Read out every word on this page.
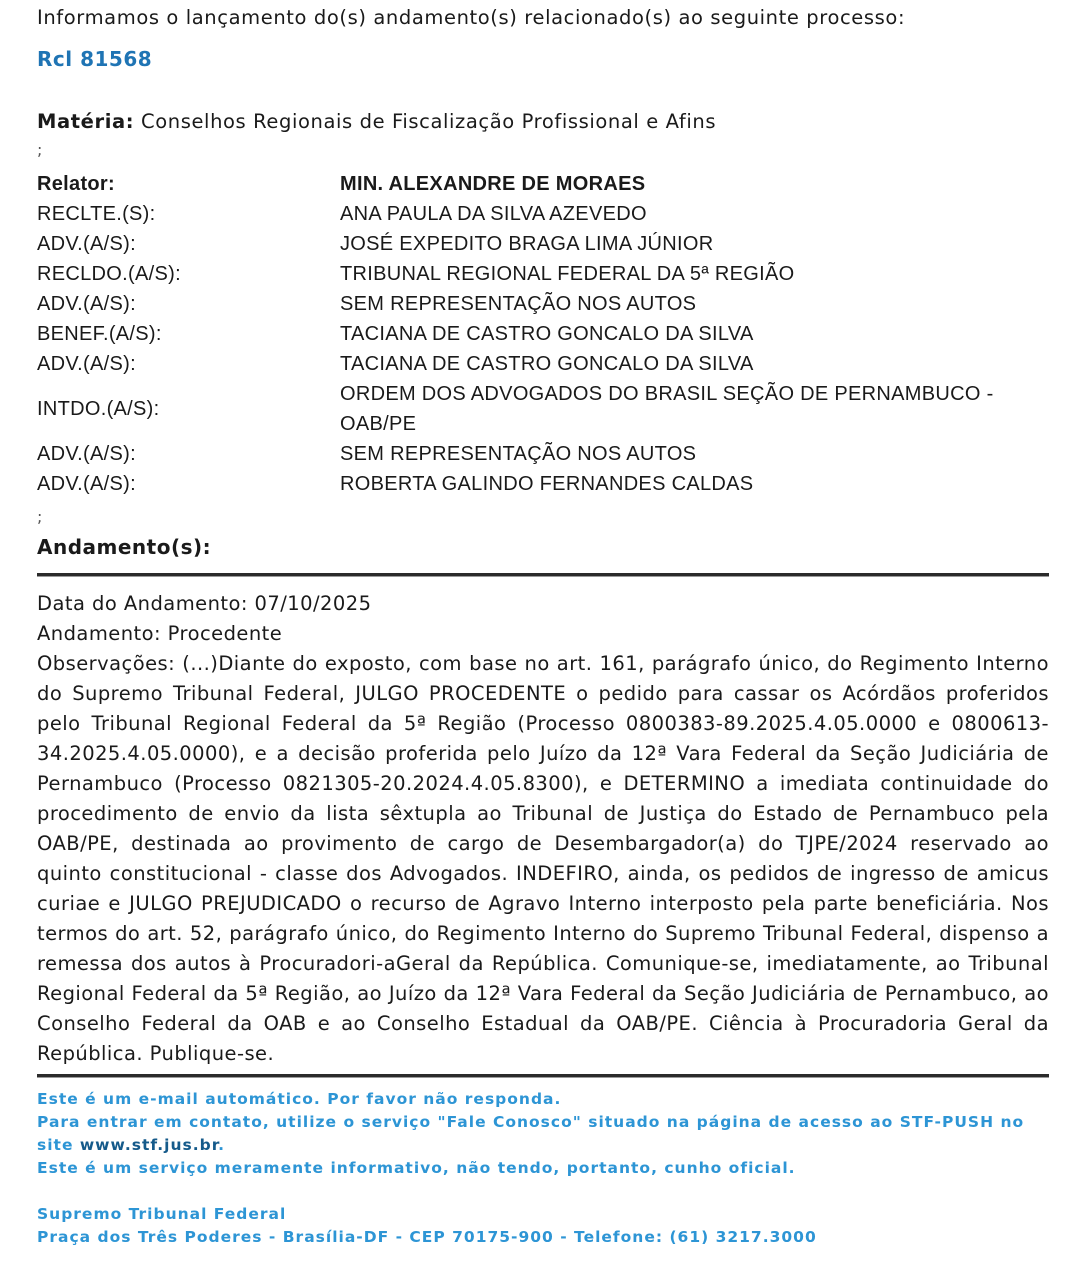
Informamos o lançamento do(s) andamento(s) relacionado(s) ao seguinte processo:
Rcl 81568
Matéria: Conselhos Regionais de Fiscalização Profissional e Afins
;
Relator:	MIN. ALEXANDRE DE MORAES
RECLTE.(S):	ANA PAULA DA SILVA AZEVEDO
ADV.(A/S):	JOSÉ EXPEDITO BRAGA LIMA JÚNIOR
RECLDO.(A/S):	TRIBUNAL REGIONAL FEDERAL DA 5ª REGIÃO
ADV.(A/S):	SEM REPRESENTAÇÃO NOS AUTOS
BENEF.(A/S):	TACIANA DE CASTRO GONCALO DA SILVA
ADV.(A/S):	TACIANA DE CASTRO GONCALO DA SILVA
INTDO.(A/S):
ORDEM DOS ADVOGADOS DO BRASIL SEÇÃO DE PERNAMBUCO - OAB/PE
ADV.(A/S):	SEM REPRESENTAÇÃO NOS AUTOS
ADV.(A/S):	ROBERTA GALINDO FERNANDES CALDAS
;
Andamento(s):
Data do Andamento: 07/10/2025
Andamento: Procedente
Observações: (...)Diante do exposto, com base no art. 161, parágrafo único, do Regimento Interno do Supremo Tribunal Federal, JULGO PROCEDENTE o pedido para cassar os Acórdãos proferidos pelo Tribunal Regional Federal da 5ª Região (Processo 0800383-89.2025.4.05.0000 e 0800613-34.2025.4.05.0000), e a decisão proferida pelo Juízo da 12ª Vara Federal da Seção Judiciária de Pernambuco (Processo 0821305-20.2024.4.05.8300), e DETERMINO a imediata continuidade do procedimento de envio da lista sêxtupla ao Tribunal de Justiça do Estado de Pernambuco pela OAB/PE, destinada ao provimento de cargo de Desembargador(a) do TJPE/2024 reservado ao quinto constitucional - classe dos Advogados. INDEFIRO, ainda, os pedidos de ingresso de amicus curiae e JULGO PREJUDICADO o recurso de Agravo Interno interposto pela parte beneficiária. Nos termos do art. 52, parágrafo único, do Regimento Interno do Supremo Tribunal Federal, dispenso a remessa dos autos à Procuradori-aGeral da República. Comunique-se, imediatamente, ao Tribunal Regional Federal da 5ª Região, ao Juízo da 12ª Vara Federal da Seção Judiciária de Pernambuco, ao Conselho Federal da OAB e ao Conselho Estadual da OAB/PE. Ciência à Procuradoria Geral da República. Publique-se.
Este é um e-mail automático. Por favor não responda.
Para entrar em contato, utilize o serviço "Fale Conosco" situado na página de acesso ao STF-PUSH no site www.stf.jus.br.
Este é um serviço meramente informativo, não tendo, portanto, cunho oficial.
Supremo Tribunal Federal
Praça dos Três Poderes - Brasília-DF - CEP 70175-900 - Telefone: (61) 3217.3000
